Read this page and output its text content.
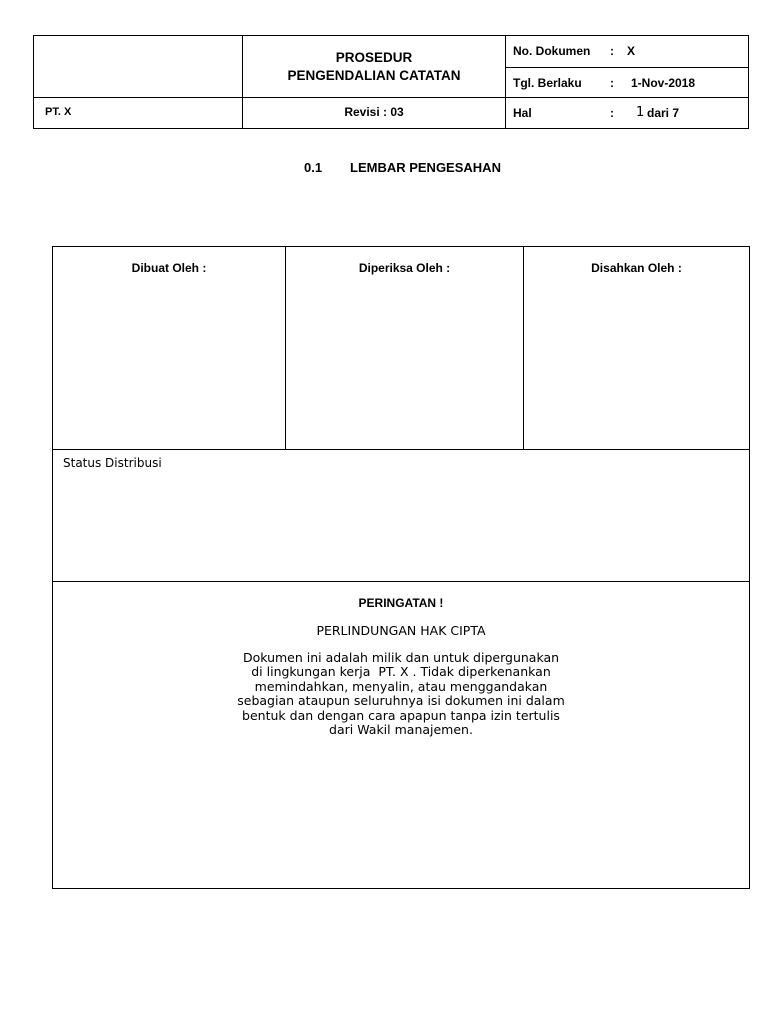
PROSEDUR
PENGENDALIAN CATATAN
PT. X	Revisi : 03
No. Dokumen : X
Tgl. Berlaku : 1-Nov-2018
Hal	: 1 dari 7
0.1 LEMBAR PENGESAHAN
Dibuat Oleh :	Diperiksa Oleh :	Disahkan Oleh :
Status Distribusi
PERINGATAN !
PERLINDUNGAN HAK CIPTA
Dokumen ini adalah milik dan untuk dipergunakan
di lingkungan kerja  PT. X . Tidak diperkenankan
memindahkan, menyalin, atau menggandakan
sebagian ataupun seluruhnya isi dokumen ini dalam
bentuk dan dengan cara apapun tanpa izin tertulis
dari Wakil manajemen.
